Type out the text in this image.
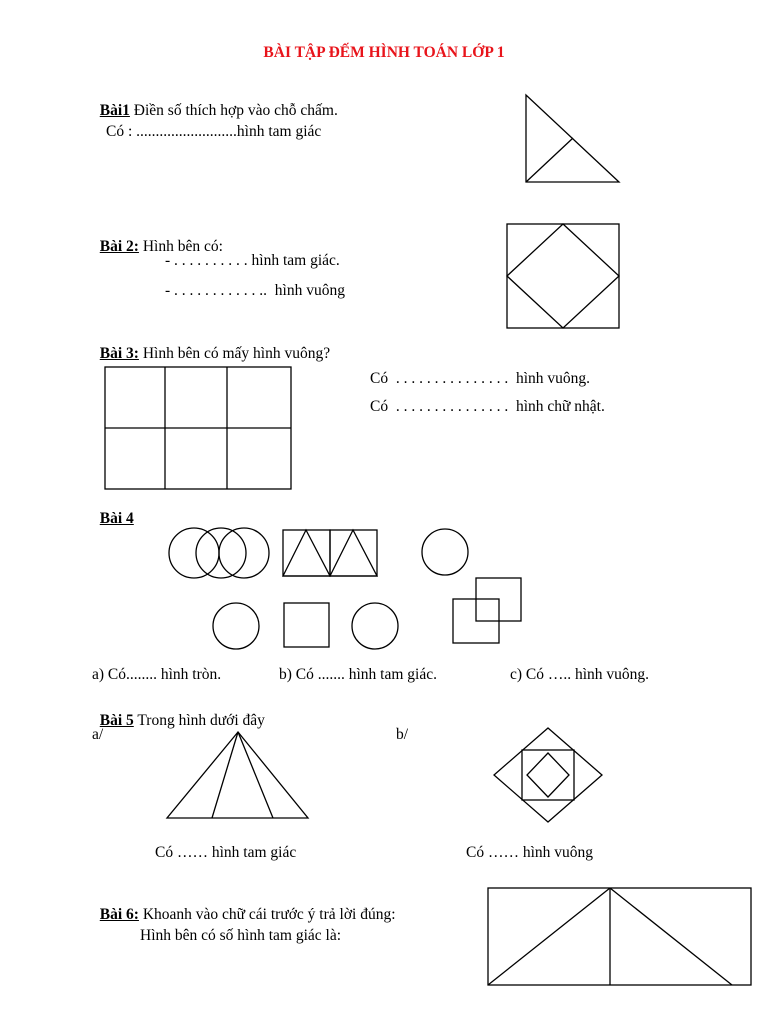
BÀI TẬP ĐẾM HÌNH TOÁN LỚP 1

Bài1 Điền số thích hợp vào chỗ chấm.

Có : ..........................hình tam giác

Bài 2: Hình bên có:

- . . . . . . . . . . hình tam giác.
- . . . . . . . . . . . ..  hình vuông

Bài 3: Hình bên có mấy hình vuông?

Có  . . . . . . . . . . . . . . .  hình vuông.
Có  . . . . . . . . . . . . . . .  hình chữ nhật.

Bài 4

a) Có........ hình tròn.	b) Có ....... hình tam giác.	c) Có ….. hình vuông.

Bài 5 Trong hình dưới đây

a/	b/
Có …… hình tam giác	Có …… hình vuông

Bài 6: Khoanh vào chữ cái trước ý trả lời đúng:

Hình bên có số hình tam giác là:
